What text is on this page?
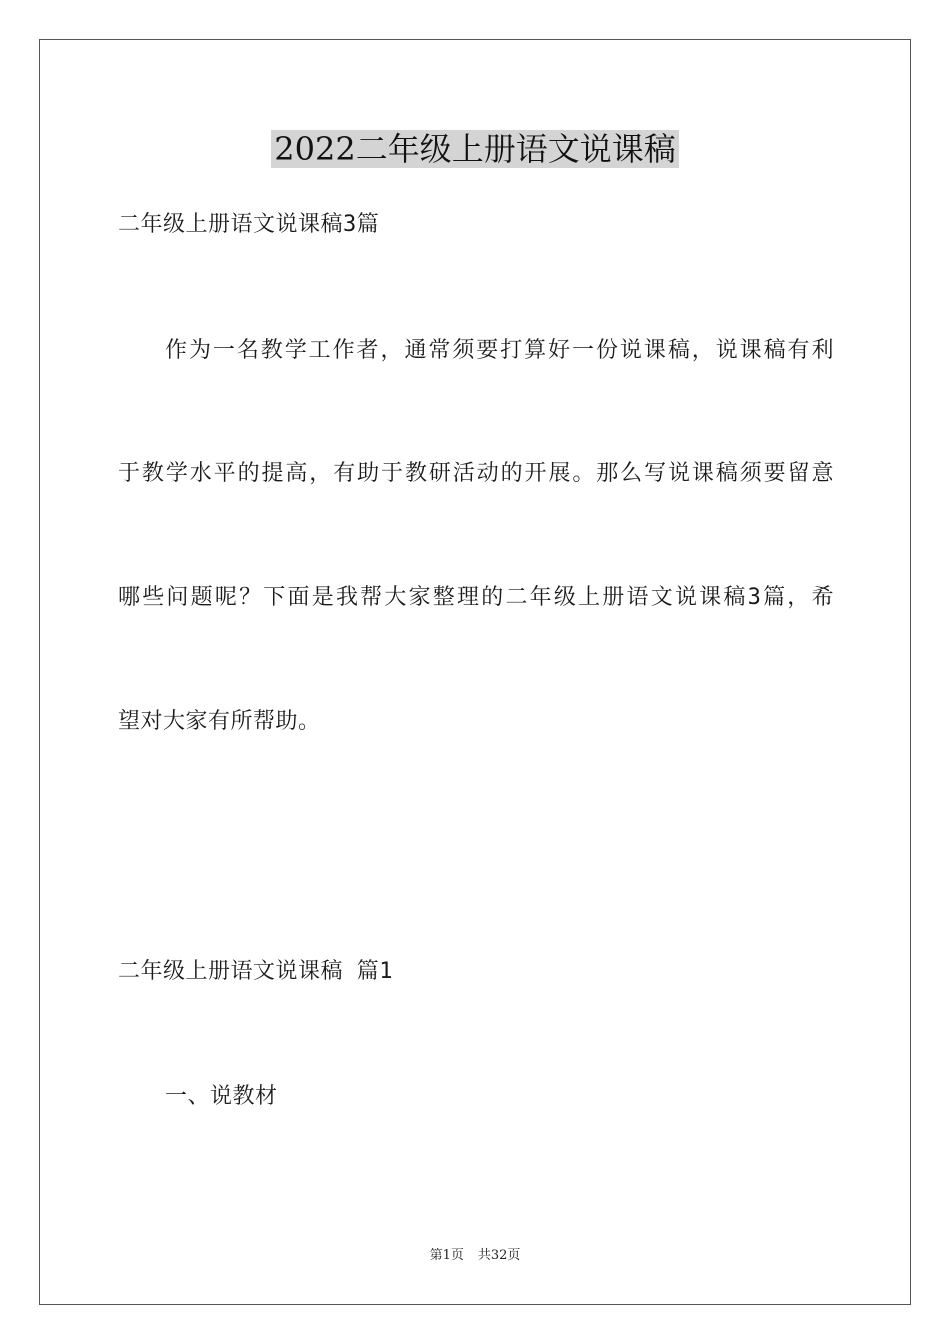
2022二年级上册语文说课稿
二年级上册语文说课稿3篇
作为一名教学工作者，通常须要打算好一份说课稿，说课稿有利
于教学水平的提高，有助于教研活动的开展。那么写说课稿须要留意
哪些问题呢？下面是我帮大家整理的二年级上册语文说课稿3篇，希
望对大家有所帮助。
二年级上册语文说课稿 篇1
一、说教材
第1页 共32页
